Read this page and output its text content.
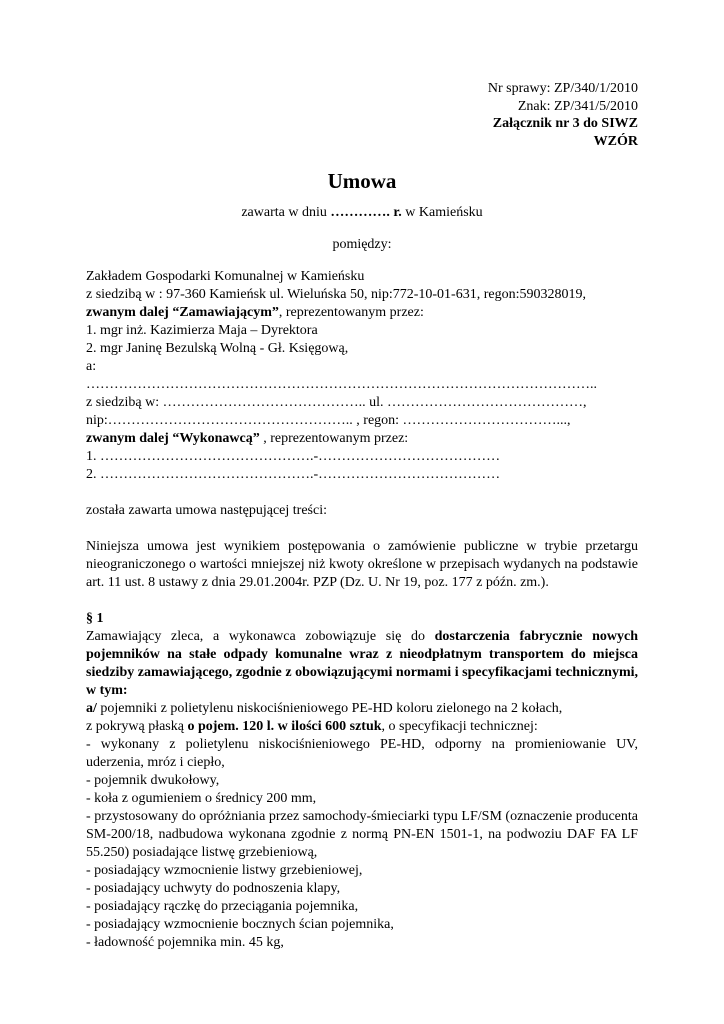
Nr sprawy: ZP/340/1/2010
Znak: ZP/341/5/2010
Załącznik nr 3 do SIWZ
WZÓR
Umowa
zawarta w dniu …………. r. w Kamieńsku
pomiędzy:
Zakładem Gospodarki Komunalnej w Kamieńsku
z siedzibą w : 97-360 Kamieńsk ul. Wieluńska 50, nip:772-10-01-631, regon:590328019,
zwanym dalej “Zamawiającym”, reprezentowanym przez:
1. mgr inż. Kazimierza Maja – Dyrektora
2. mgr Janinę Bezulską Wolną - Gł. Księgową,
a:
………………………………………………………………………………………………..
z siedzibą w: …………………………………….. ul. ……………………………………,
nip:…………………………………………….. , regon: ……………………………...,
zwanym dalej “Wykonawcą” , reprezentowanym przez:
1. ……………………………………….-…………………………………
2. ……………………………………….-…………………………………
została zawarta umowa następującej treści:
Niniejsza umowa jest wynikiem postępowania o zamówienie publiczne w trybie przetargu nieograniczonego o wartości mniejszej niż kwoty określone w przepisach wydanych na podstawie art. 11 ust. 8 ustawy z dnia 29.01.2004r. PZP (Dz. U. Nr 19, poz. 177 z późn. zm.).
§ 1
Zamawiający zleca, a wykonawca zobowiązuje się do dostarczenia fabrycznie nowych pojemników na stałe odpady komunalne wraz z nieodpłatnym transportem do miejsca siedziby zamawiającego, zgodnie z obowiązującymi normami i specyfikacjami technicznymi, w tym:
a/ pojemniki z polietylenu niskociśnieniowego PE-HD koloru zielonego na 2 kołach,
z pokrywą płaską o pojem. 120 l. w ilości 600 sztuk, o specyfikacji technicznej:
- wykonany z polietylenu niskociśnieniowego PE-HD, odporny na promieniowanie UV, uderzenia, mróz i ciepło,
- pojemnik dwukołowy,
- koła z ogumieniem o średnicy 200 mm,
- przystosowany do opróżniania przez samochody-śmieciarki typu LF/SM (oznaczenie producenta SM-200/18, nadbudowa wykonana zgodnie z normą PN-EN 1501-1, na podwoziu DAF FA LF 55.250) posiadające listwę grzebieniową,
- posiadający wzmocnienie listwy grzebieniowej,
- posiadający uchwyty do podnoszenia klapy,
- posiadający rączkę do przeciągania pojemnika,
- posiadający wzmocnienie bocznych ścian pojemnika,
- ładowność pojemnika min. 45 kg,
